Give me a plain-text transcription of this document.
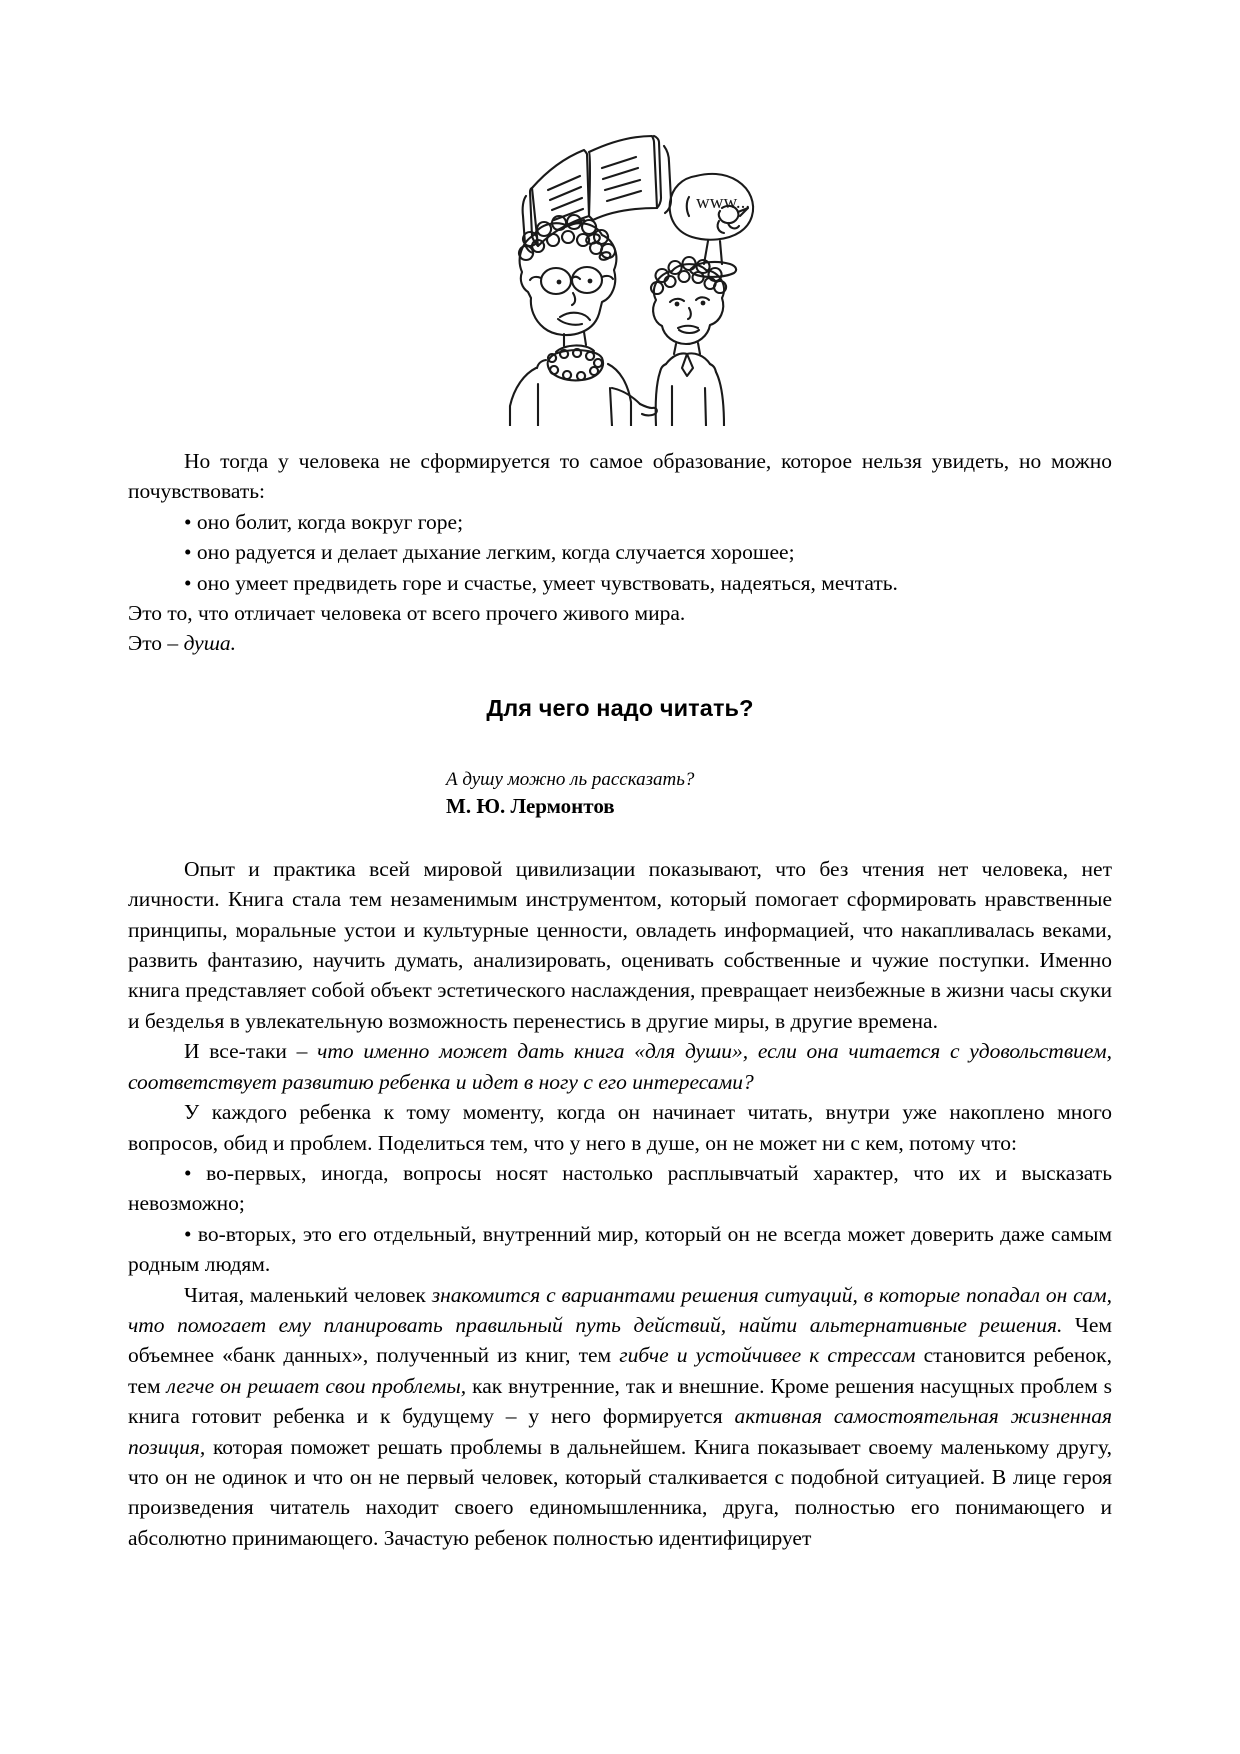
www...

Но тогда у человека не сформируется то самое образование, которое нельзя увидеть, но можно почувствовать:

• оно болит, когда вокруг горе;

• оно радуется и делает дыхание легким, когда случается хорошее;

• оно умеет предвидеть горе и счастье, умеет чувствовать, надеяться, мечтать.

Это то, что отличает человека от всего прочего живого мира.

Это – душа.

Для чего надо читать?

А душу можно ль рассказать?

М. Ю. Лермонтов

Опыт и практика всей мировой цивилизации показывают, что без чтения нет человека, нет личности. Книга стала тем незаменимым инструментом, который помогает сформировать нравственные принципы, моральные устои и культурные ценности, овладеть информацией, что накапливалась веками, развить фантазию, научить думать, анализировать, оценивать собственные и чужие поступки. Именно книга представляет собой объект эстетического наслаждения, превращает неизбежные в жизни часы скуки и безделья в увлекательную возможность перенестись в другие миры, в другие времена.

И все-таки – что именно может дать книга «для души», если она читается с удовольствием, соответствует развитию ребенка и идет в ногу с его интересами?

У каждого ребенка к тому моменту, когда он начинает читать, внутри уже накоплено много вопросов, обид и проблем. Поделиться тем, что у него в душе, он не может ни с кем, потому что:

• во-первых, иногда, вопросы носят настолько расплывчатый характер, что их и высказать невозможно;

• во-вторых, это его отдельный, внутренний мир, который он не всегда может доверить даже самым родным людям.

Читая, маленький человек знакомится с вариантами решения ситуаций, в которые попадал он сам, что помогает ему планировать правильный путь действий, найти альтернативные решения. Чем объемнее «банк данных», полученный из книг, тем гибче и устойчивее к стрессам становится ребенок, тем легче он решает свои проблемы, как внутренние, так и внешние. Кроме решения насущных проблем s книга готовит ребенка и к будущему – у него формируется активная самостоятельная жизненная позиция, которая поможет решать проблемы в дальнейшем. Книга показывает своему маленькому другу, что он не одинок и что он не первый человек, который сталкивается с подобной ситуацией. В лице героя произведения читатель находит своего единомышленника, друга, полностью его понимающего и абсолютно принимающего. Зачастую ребенок полностью идентифицирует
